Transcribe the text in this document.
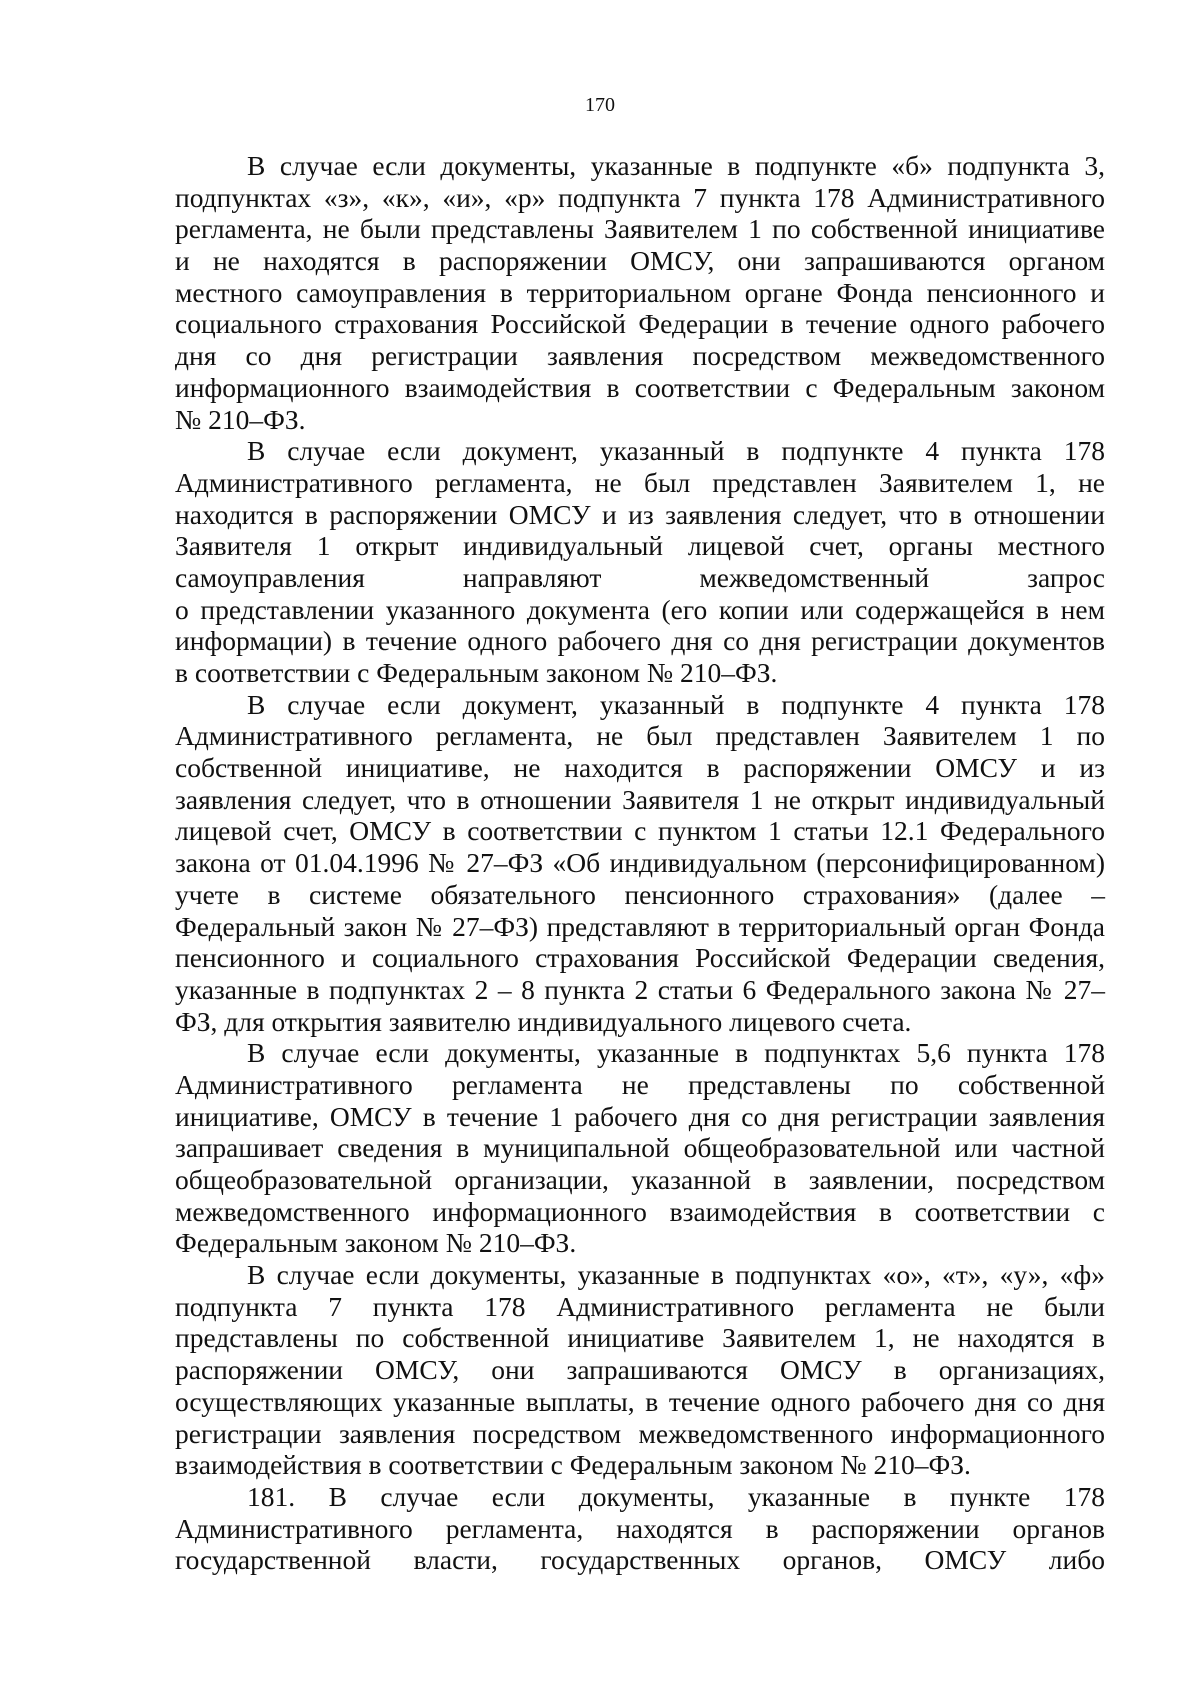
170
В случае если документы, указанные в подпункте «б» подпункта 3,
подпунктах «з», «к», «и», «р» подпункта 7 пункта 178 Административного
регламента, не были представлены Заявителем 1 по собственной инициативе
и не находятся в распоряжении ОМСУ, они запрашиваются органом
местного самоуправления в территориальном органе Фонда пенсионного и
социального страхования Российской Федерации в течение одного рабочего
дня со дня регистрации заявления посредством межведомственного
информационного взаимодействия в соответствии с Федеральным законом
№ 210–ФЗ.
В случае если документ, указанный в подпункте 4 пункта 178
Административного регламента, не был представлен Заявителем 1, не
находится в распоряжении ОМСУ и из заявления следует, что в отношении
Заявителя 1 открыт индивидуальный лицевой счет, органы местного
самоуправления направляют межведомственный запрос
о представлении указанного документа (его копии или содержащейся в нем
информации) в течение одного рабочего дня со дня регистрации документов
в соответствии с Федеральным законом № 210–ФЗ.
В случае если документ, указанный в подпункте 4 пункта 178
Административного регламента, не был представлен Заявителем 1 по
собственной инициативе, не находится в распоряжении ОМСУ и из
заявления следует, что в отношении Заявителя 1 не открыт индивидуальный
лицевой счет, ОМСУ в соответствии с пунктом 1 статьи 12.1 Федерального
закона от 01.04.1996 № 27–ФЗ «Об индивидуальном (персонифицированном)
учете в системе обязательного пенсионного страхования» (далее –
Федеральный закон № 27–ФЗ) представляют в территориальный орган Фонда
пенсионного и социального страхования Российской Федерации сведения,
указанные в подпунктах 2 – 8 пункта 2 статьи 6 Федерального закона № 27–
ФЗ, для открытия заявителю индивидуального лицевого счета.
В случае если документы, указанные в подпунктах 5,6 пункта 178
Административного регламента не представлены по собственной
инициативе, ОМСУ в течение 1 рабочего дня со дня регистрации заявления
запрашивает сведения в муниципальной общеобразовательной или частной
общеобразовательной организации, указанной в заявлении, посредством
межведомственного информационного взаимодействия в соответствии с
Федеральным законом № 210–ФЗ.
В случае если документы, указанные в подпунктах «о», «т», «у», «ф»
подпункта 7 пункта 178 Административного регламента не были
представлены по собственной инициативе Заявителем 1, не находятся в
распоряжении ОМСУ, они запрашиваются ОМСУ в организациях,
осуществляющих указанные выплаты, в течение одного рабочего дня со дня
регистрации заявления посредством межведомственного информационного
взаимодействия в соответствии с Федеральным законом № 210–ФЗ.
181. В случае если документы, указанные в пункте 178
Административного регламента, находятся в распоряжении органов
государственной власти, государственных органов, ОМСУ либо
